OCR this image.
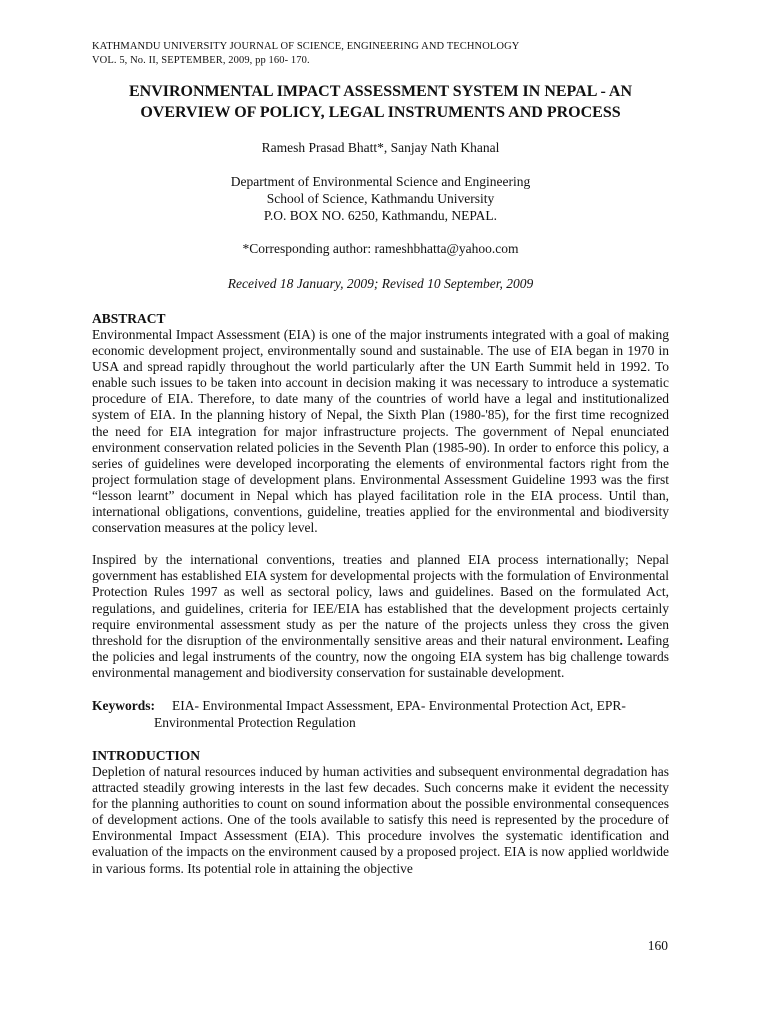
KATHMANDU UNIVERSITY JOURNAL OF SCIENCE, ENGINEERING AND TECHNOLOGY
VOL. 5, No. II, SEPTEMBER, 2009, pp 160- 170.
ENVIRONMENTAL IMPACT ASSESSMENT SYSTEM IN NEPAL - AN
OVERVIEW OF POLICY, LEGAL INSTRUMENTS AND PROCESS
Ramesh Prasad Bhatt*, Sanjay Nath Khanal
Department of Environmental Science and Engineering
School of Science, Kathmandu University
P.O. BOX NO. 6250, Kathmandu, NEPAL.
*Corresponding author: rameshbhatta@yahoo.com
Received 18 January, 2009; Revised 10 September, 2009
ABSTRACT
Environmental Impact Assessment (EIA) is one of the major instruments integrated with a goal of making economic development project, environmentally sound and sustainable. The use of EIA began in 1970 in USA and spread rapidly throughout the world particularly after the UN Earth Summit held in 1992. To enable such issues to be taken into account in decision making it was necessary to introduce a systematic procedure of EIA. Therefore, to date many of the countries of world have a legal and institutionalized system of EIA. In the planning history of Nepal, the Sixth Plan (1980-'85), for the first time recognized the need for EIA integration for major infrastructure projects. The government of Nepal enunciated environment conservation related policies in the Seventh Plan (1985-90). In order to enforce this policy, a series of guidelines were developed incorporating the elements of environmental factors right from the project formulation stage of development plans. Environmental Assessment Guideline 1993 was the first “lesson learnt” document in Nepal which has played facilitation role in the EIA process. Until than, international obligations, conventions, guideline, treaties applied for the environmental and biodiversity conservation measures at the policy level.
Inspired by the international conventions, treaties and planned EIA process internationally; Nepal government has established EIA system for developmental projects with the formulation of Environmental Protection Rules 1997 as well as sectoral policy, laws and guidelines. Based on the formulated Act, regulations, and guidelines, criteria for IEE/EIA has established that the development projects certainly require environmental assessment study as per the nature of the projects unless they cross the given threshold for the disruption of the environmentally sensitive areas and their natural environment. Leafing the policies and legal instruments of the country, now the ongoing EIA system has big challenge towards environmental management and biodiversity conservation for sustainable development.
Keywords:	EIA- Environmental Impact Assessment, EPA- Environmental Protection Act, EPR-
Environmental Protection Regulation
INTRODUCTION
Depletion of natural resources induced by human activities and subsequent environmental degradation has attracted steadily growing interests in the last few decades. Such concerns make it evident the necessity for the planning authorities to count on sound information about the possible environmental consequences of development actions. One of the tools available to satisfy this need is represented by the procedure of Environmental Impact Assessment (EIA). This procedure involves the systematic identification and evaluation of the impacts on the environment caused by a proposed project. EIA is now applied worldwide in various forms. Its potential role in attaining the objective
160
